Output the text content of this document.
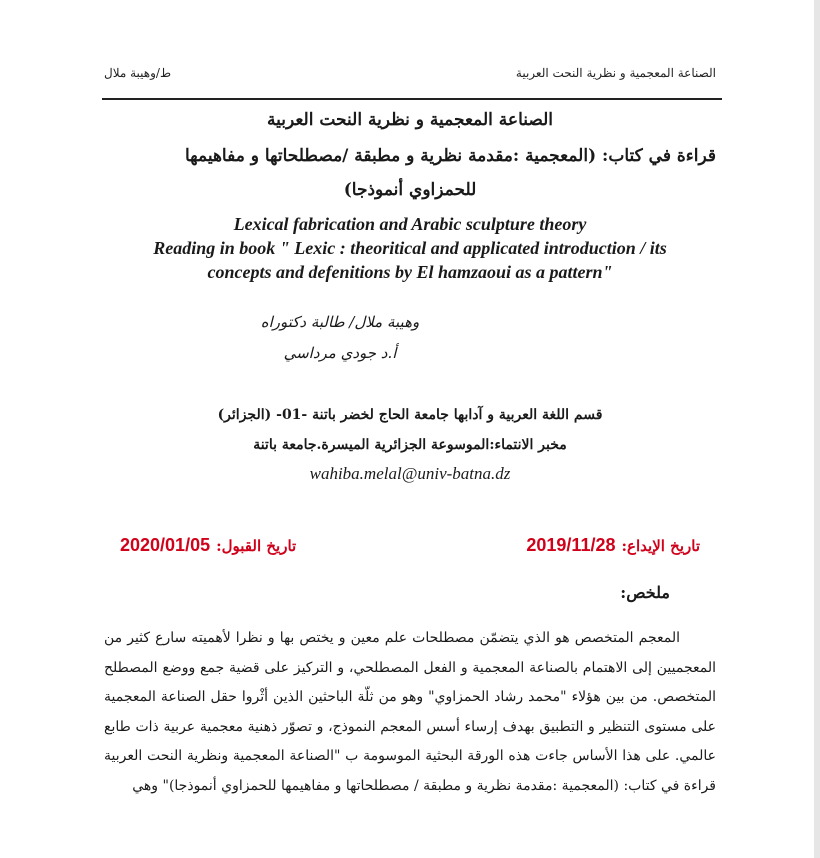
الصناعة المعجمية و نظرية النحت العربية
ط/وهيبة ملال
الصناعة المعجمية و نظرية النحت العربية
قراءة في كتاب: (المعجمية :مقدمة نظرية و مطبقة /مصطلحاتها و مفاهيمها
للحمزاوي أنموذجا)
Lexical fabrication and Arabic sculpture theory
Reading in book " Lexic : theoritical and applicated introduction / its
concepts and defenitions by El hamzaoui as a pattern"
وهيبة ملال/ طالبة دكتوراه
أ.د جودي مرداسي
قسم اللغة العربية و آدابها جامعة الحاج لخضر باتنة -01- (الجزائر)
مخبر الانتماء:الموسوعة الجزائرية الميسرة.جامعة باتنة
wahiba.melal@univ-batna.dz
تاريخ الإيداع:
2019/11/28
تاريخ القبول:
2020/01/05
ملخص:

المعجم المتخصص هو الذي يتضمّن مصطلحات علم معين و يختص بها و نظرا لأهميته سارع كثير من المعجميين إلى الاهتمام بالصناعة المعجمية و الفعل المصطلحي، و التركيز على قضية جمع ووضع المصطلح المتخصص. من بين هؤلاء "محمد رشاد الحمزاوي" وهو من ثلّة الباحثين الذين أثْروا حقل الصناعة المعجمية على مستوى التنظير و التطبيق بهدف إرساء أسس المعجم النموذج، و تصوّر ذهنية معجمية عربية ذات طابع عالمي. على هذا الأساس جاءت هذه الورقة البحثية الموسومة ب "الصناعة المعجمية ونظرية النحت العربية قراءة في كتاب: (المعجمية :مقدمة نظرية و مطبقة / مصطلحاتها و مفاهيمها للحمزاوي أنموذجا)" وهي
